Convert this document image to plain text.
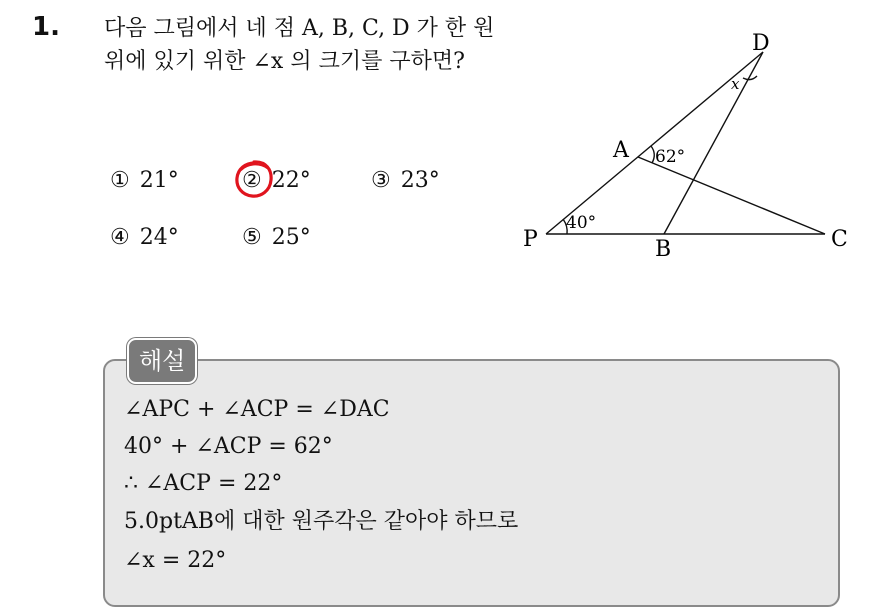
1. 다음 그림에서 네 점 A, B, C, D 가 한 원 위에 있기 위한 ∠x 의 크기를 구하면?
① 21°	② 22°	③ 23°
④ 24°	⑤ 25°
D
A
P	B	C
x
62°
40°
해설
∠APC + ∠ACP = ∠DAC
40° + ∠ACP = 62°
∴ ∠ACP = 22°
5.0ptAB에 대한 원주각은 같아야 하므로
∠x = 22°
